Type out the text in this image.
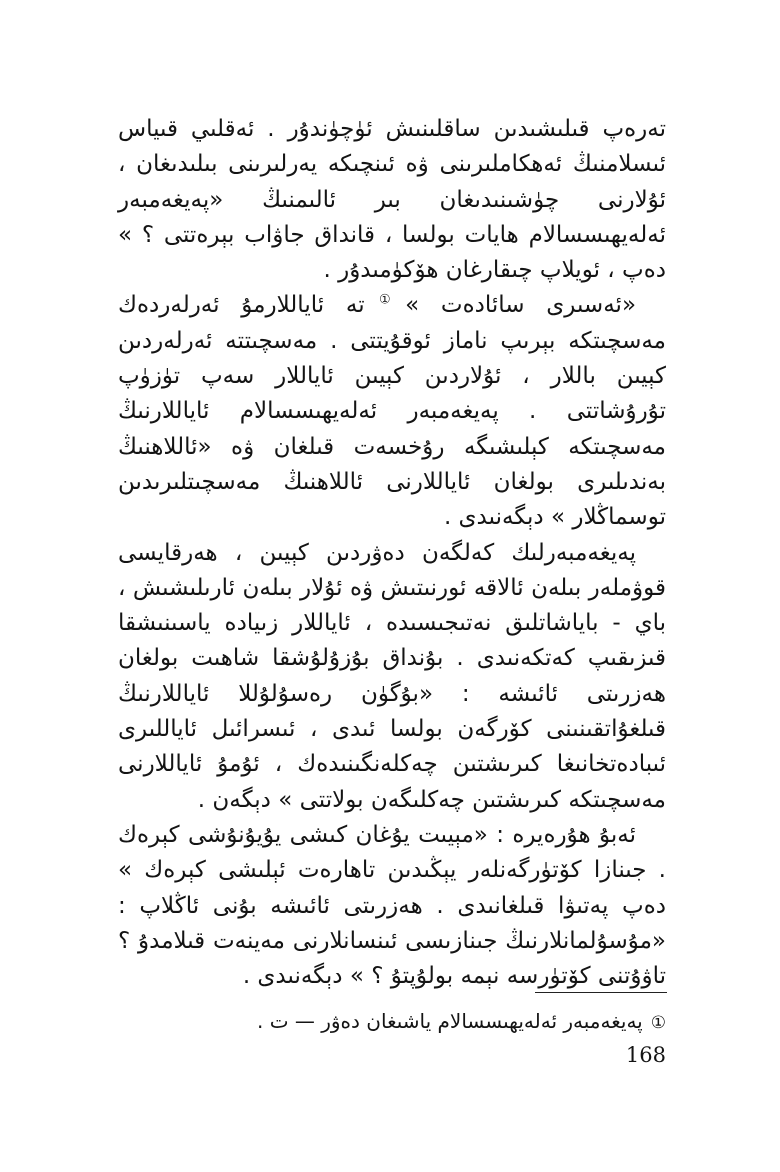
تەرەپ قىلىشىدىن ساقلىنىش ئۈچۈندۇر . ئەقلىي قىياس ئىسلامنىڭ ئەھكاملىرىنى ۋە ئىنچىكە يەرلىرىنى بىلىدىغان ، ئۇلارنى چۈشىنىدىغان بىر ئالىمنىڭ «پەيغەمبەر ئەلەيھىسسالام ھايات بولسا ، قانداق جاۋاب بېرەتتى ؟ » دەپ ، ئويلاپ چىقارغان ھۆكۈمىدۇر .

«ئەسىرى سائادەت »①تە ئاياللارمۇ ئەرلەردەك مەسچىتكە بېرىپ ناماز ئوقۇيتتى . مەسچىتتە ئەرلەردىن كېيىن باللار ، ئۇلاردىن كېيىن ئاياللار سەپ تۈزۈپ تۇرۇشاتتى . پەيغەمبەر ئەلەيھىسسالام ئاياللارنىڭ مەسچىتكە كېلىشىگە رۇخسەت قىلغان ۋە «ئاللاھنىڭ بەندىلىرى بولغان ئاياللارنى ئاللاھنىڭ مەسچىتلىرىدىن توسماڭلار » دېگەنىدى .

پەيغەمبەرلىك كەلگەن دەۋردىن كېيىن ، ھەرقايسى قوۋملەر بىلەن ئالاقە ئورنىتىش ۋە ئۇلار بىلەن ئارىلىشىش ، باي - باياشاتلىق نەتىجىسىدە ، ئاياللار زىيادە ياسىنىشقا قىزىقىپ كەتكەنىدى . بۇنداق بۇزۇلۇشقا شاھىت بولغان ھەزرىتى ئائىشە : «بۇگۈن رەسۇلۇللا ئاياللارنىڭ قىلغۇاتقىنىنى كۆرگەن بولسا ئىدى ، ئىسرائىل ئاياللىرى ئىبادەتخانىغا كىرىشتىن چەكلەنگىنىدەك ، ئۇمۇ ئاياللارنى مەسچىتكە كىرىشتىن چەكلىگەن بولاتتى » دېگەن .

ئەبۇ ھۇرەيرە : «مېيىت يۇغان كىشى يۇيۇنۇشى كېرەك . جىنازا كۆتۈرگەنلەر يېڭىدىن تاھارەت ئېلىشى كېرەك » دەپ پەتىۋا قىلغانىدى . ھەزرىتى ئائىشە بۇنى ئاڭلاپ : «مۇسۇلمانلارنىڭ جىنازىسى ئىنسانلارنى مەينەت قىلامدۇ ؟ تاۋۇتنى كۆتۈرسە نېمە بولۇپتۇ ؟ » دېگەنىدى .

①پەيغەمبەر ئەلەيھىسسالام ياشىغان دەۋر — ت .
168
